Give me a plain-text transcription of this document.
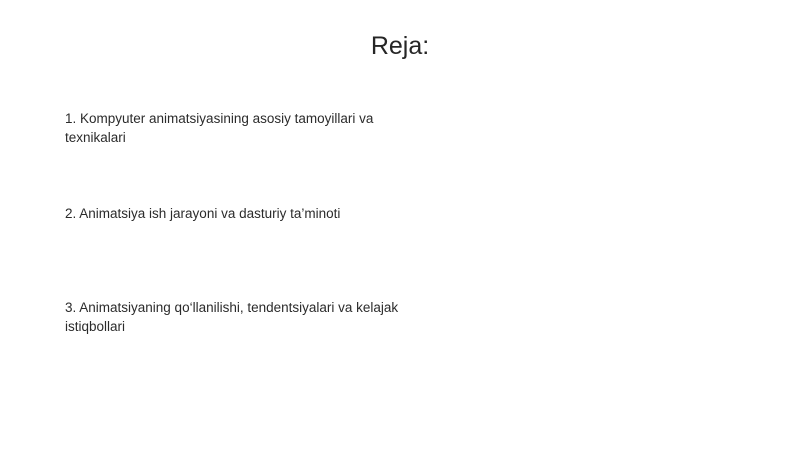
Reja:
1. Kompyuter animatsiyasining asosiy tamoyillari va texnikalari
2. Animatsiya ish jarayoni va dasturiy ta’minoti
3. Animatsiyaning qo‘llanilishi, tendentsiyalari va kelajak istiqbollari
